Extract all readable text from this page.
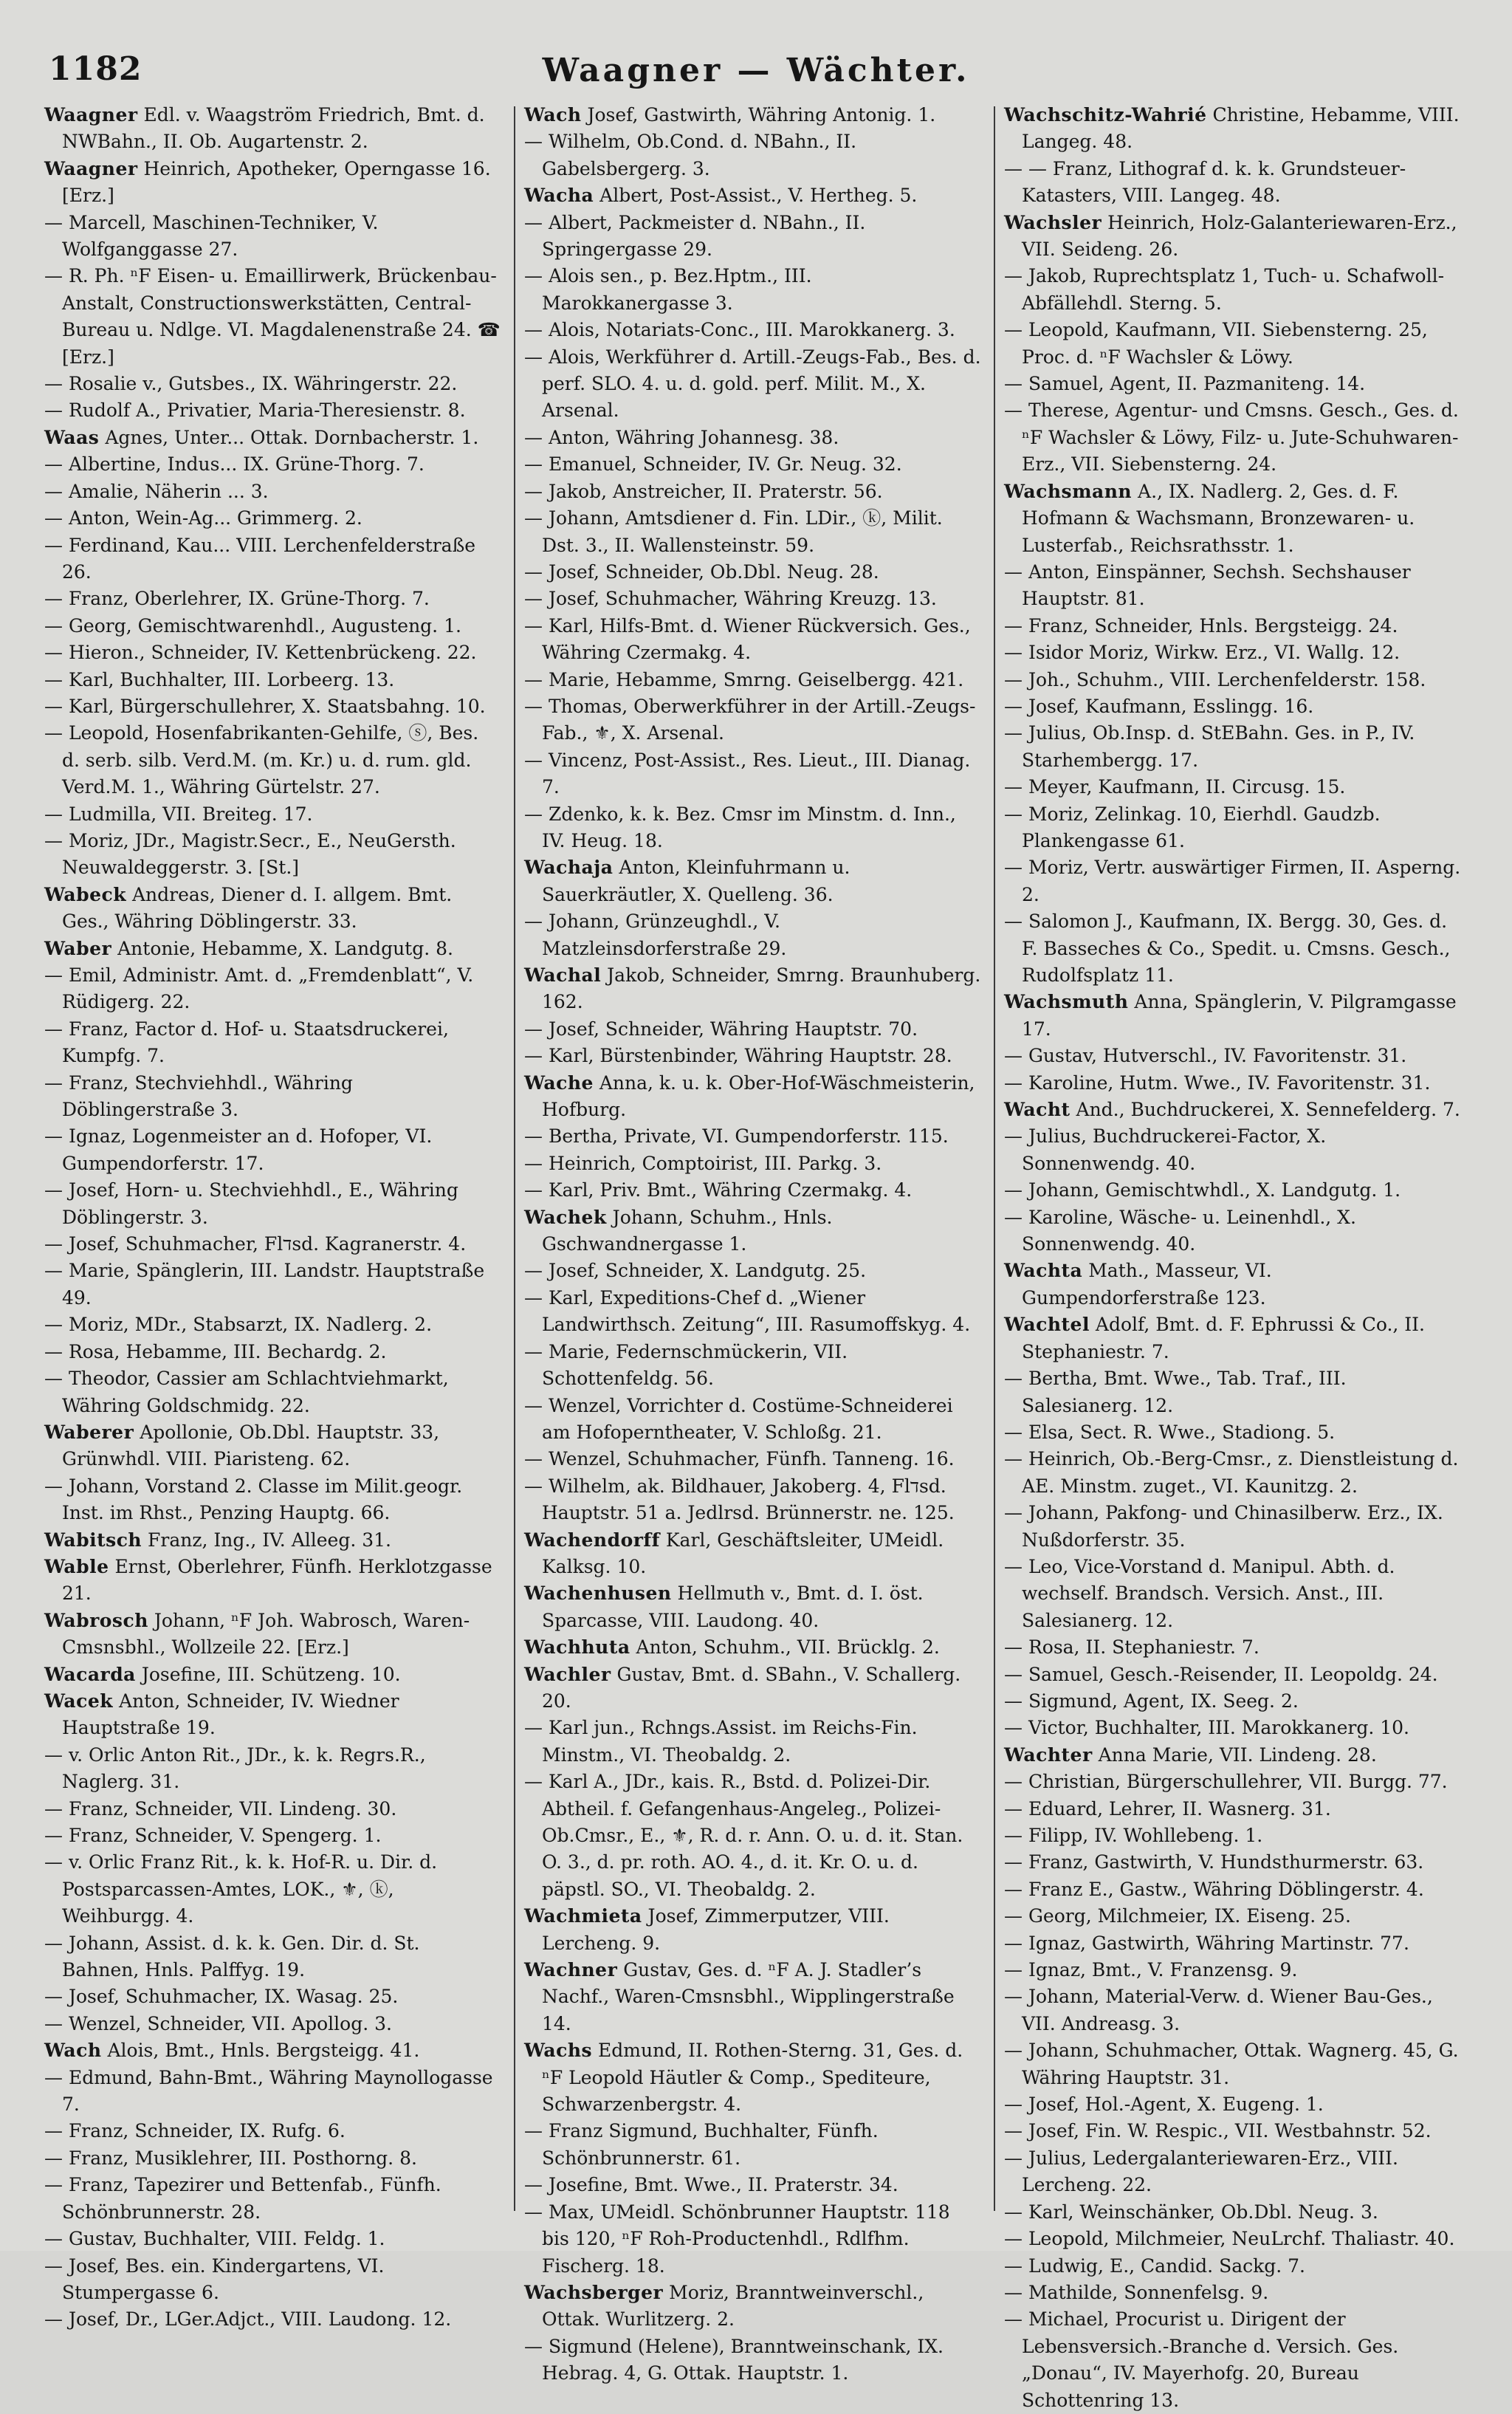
1182	Waagner — Wächter.
Waagner Edl. v. Waagström Friedrich, Bmt. d. NWBahn., II. Ob. Augartenstr. 2.
Waagner Heinrich, Apotheker, Operngasse 16. [Erz.]
— Marcell, Maschinen-Techniker, V. Wolfganggasse 27.
— R. Ph. ⁿF Eisen- u. Emaillirwerk, Brückenbau-Anstalt, Constructionswerkstätten, Central-Bureau u. Ndlge. VI. Magdalenenstraße 24. ☎ [Erz.]
— Rosalie v., Gutsbes., IX. Währingerstr. 22.
— Rudolf A., Privatier, Maria-Theresienstr. 8.
Waas Agnes, Unter... Ottak. Dornbacherstr. 1.
— Albertine, Indus... IX. Grüne-Thorg. 7.
— Amalie, Näherin ... 3.
— Anton, Wein-Ag... Grimmerg. 2.
— Ferdinand, Kau... VIII. Lerchenfelderstraße 26.
— Franz, Oberlehrer, IX. Grüne-Thorg. 7.
— Georg, Gemischtwarenhdl., Augusteng. 1.
— Hieron., Schneider, IV. Kettenbrückeng. 22.
— Karl, Buchhalter, III. Lorbeerg. 13.
— Karl, Bürgerschullehrer, X. Staatsbahng. 10.
— Leopold, Hosenfabrikanten-Gehilfe, ⓢ, Bes. d. serb. silb. Verd.M. (m. Kr.) u. d. rum. gld. Verd.M. 1., Währing Gürtelstr. 27.
— Ludmilla, VII. Breiteg. 17.
— Moriz, JDr., Magistr.Secr., E., NeuGersth. Neuwaldeggerstr. 3. [St.]
Wabeck Andreas, Diener d. I. allgem. Bmt. Ges., Währing Döblingerstr. 33.
Waber Antonie, Hebamme, X. Landgutg. 8.
— Emil, Administr. Amt. d. „Fremdenblatt“, V. Rüdigerg. 22.
— Franz, Factor d. Hof- u. Staatsdruckerei, Kumpfg. 7.
— Franz, Stechviehhdl., Währing Döblingerstraße 3.
— Ignaz, Logenmeister an d. Hofoper, VI. Gumpendorferstr. 17.
— Josef, Horn- u. Stechviehhdl., E., Währing Döblingerstr. 3.
— Josef, Schuhmacher, Flדsd. Kagranerstr. 4.
— Marie, Spänglerin, III. Landstr. Hauptstraße 49.
— Moriz, MDr., Stabsarzt, IX. Nadlerg. 2.
— Rosa, Hebamme, III. Bechardg. 2.
— Theodor, Cassier am Schlachtviehmarkt, Währing Goldschmidg. 22.
Waberer Apollonie, Ob.Dbl. Hauptstr. 33, Grünwhdl. VIII. Piaristeng. 62.
— Johann, Vorstand 2. Classe im Milit.geogr. Inst. im Rhst., Penzing Hauptg. 66.
Wabitsch Franz, Ing., IV. Alleeg. 31.
Wable Ernst, Oberlehrer, Fünfh. Herklotzgasse 21.
Wabrosch Johann, ⁿF Joh. Wabrosch, Waren-Cmsnsbhl., Wollzeile 22. [Erz.]
Wacarda Josefine, III. Schützeng. 10.
Wacek Anton, Schneider, IV. Wiedner Hauptstraße 19.
— v. Orlic Anton Rit., JDr., k. k. Regrs.R., Naglerg. 31.
— Franz, Schneider, VII. Lindeng. 30.
— Franz, Schneider, V. Spengerg. 1.
— v. Orlic Franz Rit., k. k. Hof-R. u. Dir. d. Postsparcassen-Amtes, LOK., ⚜, ⓚ, Weihburgg. 4.
— Johann, Assist. d. k. k. Gen. Dir. d. St. Bahnen, Hnls. Palffyg. 19.
— Josef, Schuhmacher, IX. Wasag. 25.
— Wenzel, Schneider, VII. Apollog. 3.
Wach Alois, Bmt., Hnls. Bergsteigg. 41.
— Edmund, Bahn-Bmt., Währing Maynollogasse 7.
— Franz, Schneider, IX. Rufg. 6.
— Franz, Musiklehrer, III. Posthorng. 8.
— Franz, Tapezirer und Bettenfab., Fünfh. Schönbrunnerstr. 28.
— Gustav, Buchhalter, VIII. Feldg. 1.
— Josef, Bes. ein. Kindergartens, VI. Stumpergasse 6.
— Josef, Dr., LGer.Adjct., VIII. Laudong. 12.
Wach Josef, Gastwirth, Währing Antonig. 1.
— Wilhelm, Ob.Cond. d. NBahn., II. Gabelsbergerg. 3.
Wacha Albert, Post-Assist., V. Hertheg. 5.
— Albert, Packmeister d. NBahn., II. Springergasse 29.
— Alois sen., p. Bez.Hptm., III. Marokkanergasse 3.
— Alois, Notariats-Conc., III. Marokkanerg. 3.
— Alois, Werkführer d. Artill.-Zeugs-Fab., Bes. d. perf. SLO. 4. u. d. gold. perf. Milit. M., X. Arsenal.
— Anton, Währing Johannesg. 38.
— Emanuel, Schneider, IV. Gr. Neug. 32.
— Jakob, Anstreicher, II. Praterstr. 56.
— Johann, Amtsdiener d. Fin. LDir., ⓚ, Milit. Dst. 3., II. Wallensteinstr. 59.
— Josef, Schneider, Ob.Dbl. Neug. 28.
— Josef, Schuhmacher, Währing Kreuzg. 13.
— Karl, Hilfs-Bmt. d. Wiener Rückversich. Ges., Währing Czermakg. 4.
— Marie, Hebamme, Smrng. Geiselbergg. 421.
— Thomas, Oberwerkführer in der Artill.-Zeugs-Fab., ⚜, X. Arsenal.
— Vincenz, Post-Assist., Res. Lieut., III. Dianag. 7.
— Zdenko, k. k. Bez. Cmsr im Minstm. d. Inn., IV. Heug. 18.
Wachaja Anton, Kleinfuhrmann u. Sauerkräutler, X. Quelleng. 36.
— Johann, Grünzeughdl., V. Matzleinsdorferstraße 29.
Wachal Jakob, Schneider, Smrng. Braunhuberg. 162.
— Josef, Schneider, Währing Hauptstr. 70.
— Karl, Bürstenbinder, Währing Hauptstr. 28.
Wache Anna, k. u. k. Ober-Hof-Wäschmeisterin, Hofburg.
— Bertha, Private, VI. Gumpendorferstr. 115.
— Heinrich, Comptoirist, III. Parkg. 3.
— Karl, Priv. Bmt., Währing Czermakg. 4.
Wachek Johann, Schuhm., Hnls. Gschwandnergasse 1.
— Josef, Schneider, X. Landgutg. 25.
— Karl, Expeditions-Chef d. „Wiener Landwirthsch. Zeitung“, III. Rasumoffskyg. 4.
— Marie, Federnschmückerin, VII. Schottenfeldg. 56.
— Wenzel, Vorrichter d. Costüme-Schneiderei am Hofoperntheater, V. Schloßg. 21.
— Wenzel, Schuhmacher, Fünfh. Tanneng. 16.
— Wilhelm, ak. Bildhauer, Jakoberg. 4, Flדsd. Hauptstr. 51 a. Jedlrsd. Brünnerstr. ne. 125.
Wachendorff Karl, Geschäftsleiter, UMeidl. Kalksg. 10.
Wachenhusen Hellmuth v., Bmt. d. I. öst. Sparcasse, VIII. Laudong. 40.
Wachhuta Anton, Schuhm., VII. Brücklg. 2.
Wachler Gustav, Bmt. d. SBahn., V. Schallerg. 20.
— Karl jun., Rchngs.Assist. im Reichs-Fin. Minstm., VI. Theobaldg. 2.
— Karl A., JDr., kais. R., Bstd. d. Polizei-Dir. Abtheil. f. Gefangenhaus-Angeleg., Polizei-Ob.Cmsr., E., ⚜, R. d. r. Ann. O. u. d. it. Stan. O. 3., d. pr. roth. AO. 4., d. it. Kr. O. u. d. päpstl. SO., VI. Theobaldg. 2.
Wachmieta Josef, Zimmerputzer, VIII. Lercheng. 9.
Wachner Gustav, Ges. d. ⁿF A. J. Stadler’s Nachf., Waren-Cmsnsbhl., Wipplingerstraße 14.
Wachs Edmund, II. Rothen-Sterng. 31, Ges. d. ⁿF Leopold Häutler & Comp., Spediteure, Schwarzenbergstr. 4.
— Franz Sigmund, Buchhalter, Fünfh. Schönbrunnerstr. 61.
— Josefine, Bmt. Wwe., II. Praterstr. 34.
— Max, UMeidl. Schönbrunner Hauptstr. 118 bis 120, ⁿF Roh-Productenhdl., Rdlfhm. Fischerg. 18.
Wachsberger Moriz, Branntweinverschl., Ottak. Wurlitzerg. 2.
— Sigmund (Helene), Branntweinschank, IX. Hebrag. 4, G. Ottak. Hauptstr. 1.
Wachschitz-Wahrié Christine, Hebamme, VIII. Langeg. 48.
— — Franz, Lithograf d. k. k. Grundsteuer-Katasters, VIII. Langeg. 48.
Wachsler Heinrich, Holz-Galanteriewaren-Erz., VII. Seideng. 26.
— Jakob, Ruprechtsplatz 1, Tuch- u. Schafwoll-Abfällehdl. Sterng. 5.
— Leopold, Kaufmann, VII. Siebensterng. 25, Proc. d. ⁿF Wachsler & Löwy.
— Samuel, Agent, II. Pazmaniteng. 14.
— Therese, Agentur- und Cmsns. Gesch., Ges. d. ⁿF Wachsler & Löwy, Filz- u. Jute-Schuhwaren-Erz., VII. Siebensterng. 24.
Wachsmann A., IX. Nadlerg. 2, Ges. d. F. Hofmann & Wachsmann, Bronzewaren- u. Lusterfab., Reichsrathsstr. 1.
— Anton, Einspänner, Sechsh. Sechshauser Hauptstr. 81.
— Franz, Schneider, Hnls. Bergsteigg. 24.
— Isidor Moriz, Wirkw. Erz., VI. Wallg. 12.
— Joh., Schuhm., VIII. Lerchenfelderstr. 158.
— Josef, Kaufmann, Esslingg. 16.
— Julius, Ob.Insp. d. StEBahn. Ges. in P., IV. Starhembergg. 17.
— Meyer, Kaufmann, II. Circusg. 15.
— Moriz, Zelinkag. 10, Eierhdl. Gaudzb. Plankengasse 61.
— Moriz, Vertr. auswärtiger Firmen, II. Asperng. 2.
— Salomon J., Kaufmann, IX. Bergg. 30, Ges. d. F. Basseches & Co., Spedit. u. Cmsns. Gesch., Rudolfsplatz 11.
Wachsmuth Anna, Spänglerin, V. Pilgramgasse 17.
— Gustav, Hutverschl., IV. Favoritenstr. 31.
— Karoline, Hutm. Wwe., IV. Favoritenstr. 31.
Wacht And., Buchdruckerei, X. Sennefelderg. 7.
— Julius, Buchdruckerei-Factor, X. Sonnenwendg. 40.
— Johann, Gemischtwhdl., X. Landgutg. 1.
— Karoline, Wäsche- u. Leinenhdl., X. Sonnenwendg. 40.
Wachta Math., Masseur, VI. Gumpendorferstraße 123.
Wachtel Adolf, Bmt. d. F. Ephrussi & Co., II. Stephaniestr. 7.
— Bertha, Bmt. Wwe., Tab. Traf., III. Salesianerg. 12.
— Elsa, Sect. R. Wwe., Stadiong. 5.
— Heinrich, Ob.-Berg-Cmsr., z. Dienstleistung d. AE. Minstm. zuget., VI. Kaunitzg. 2.
— Johann, Pakfong- und Chinasilberw. Erz., IX. Nußdorferstr. 35.
— Leo, Vice-Vorstand d. Manipul. Abth. d. wechself. Brandsch. Versich. Anst., III. Salesianerg. 12.
— Rosa, II. Stephaniestr. 7.
— Samuel, Gesch.-Reisender, II. Leopoldg. 24.
— Sigmund, Agent, IX. Seeg. 2.
— Victor, Buchhalter, III. Marokkanerg. 10.
Wachter Anna Marie, VII. Lindeng. 28.
— Christian, Bürgerschullehrer, VII. Burgg. 77.
— Eduard, Lehrer, II. Wasnerg. 31.
— Filipp, IV. Wohllebeng. 1.
— Franz, Gastwirth, V. Hundsthurmerstr. 63.
— Franz E., Gastw., Währing Döblingerstr. 4.
— Georg, Milchmeier, IX. Eiseng. 25.
— Ignaz, Gastwirth, Währing Martinstr. 77.
— Ignaz, Bmt., V. Franzensg. 9.
— Johann, Material-Verw. d. Wiener Bau-Ges., VII. Andreasg. 3.
— Johann, Schuhmacher, Ottak. Wagnerg. 45, G. Währing Hauptstr. 31.
— Josef, Hol.-Agent, X. Eugeng. 1.
— Josef, Fin. W. Respic., VII. Westbahnstr. 52.
— Julius, Ledergalanteriewaren-Erz., VIII. Lercheng. 22.
— Karl, Weinschänker, Ob.Dbl. Neug. 3.
— Leopold, Milchmeier, NeuLrchf. Thaliastr. 40.
— Ludwig, E., Candid. Sackg. 7.
— Mathilde, Sonnenfelsg. 9.
— Michael, Procurist u. Dirigent der Lebensversich.-Branche d. Versich. Ges. „Donau“, IV. Mayerhofg. 20, Bureau Schottenring 13.
